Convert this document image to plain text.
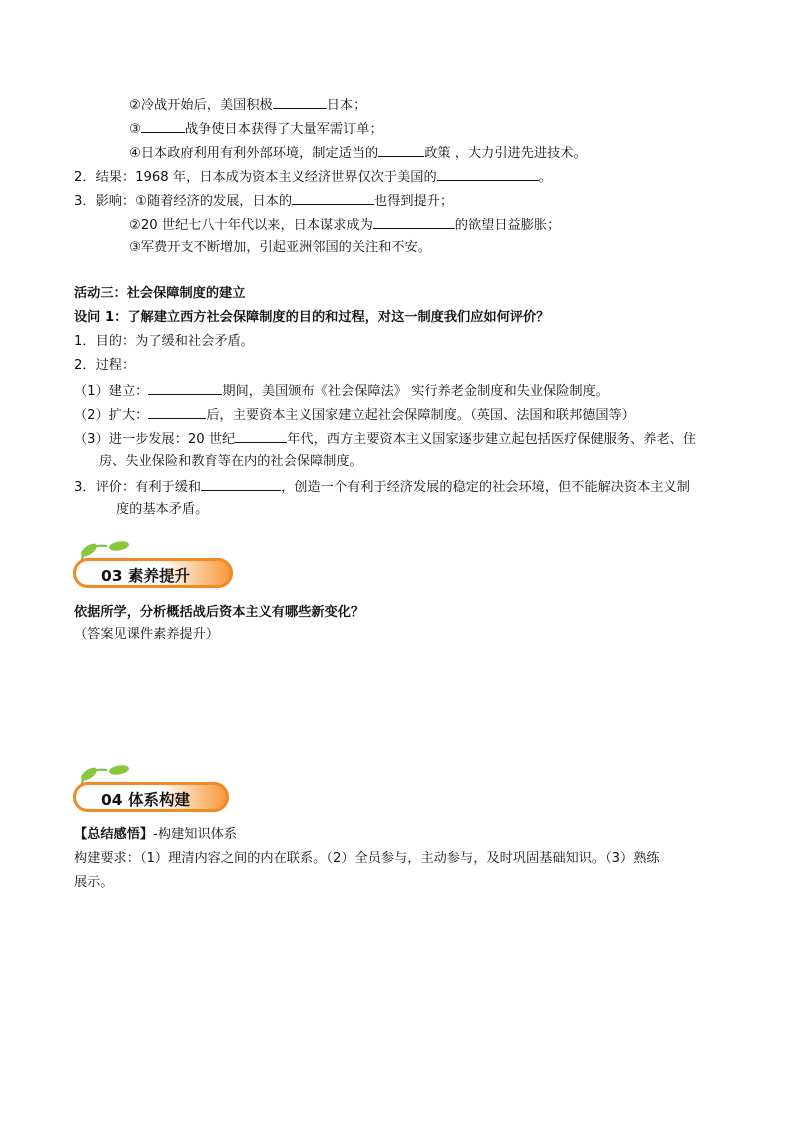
②冷战开始后，美国积极	日本；
③	战争使日本获得了大量军需订单；
④日本政府利用有利外部环境，制定适当的	政策 ，大力引进先进技术。
2．结果：1968 年，日本成为资本主义经济世界仅次于美国的	。
3．影响：①随着经济的发展，日本的	也得到提升；
②20 世纪七八十年代以来，日本谋求成为	的欲望日益膨胀；
③军费开支不断增加，引起亚洲邻国的关注和不安。
活动三：社会保障制度的建立
设问 1：了解建立西方社会保障制度的目的和过程，对这一制度我们应如何评价？
1．目的：为了缓和社会矛盾。
2．过程：
（1）建立：	期间，美国颁布《社会保障法》 实行养老金制度和失业保险制度。
（2）扩大：	后，主要资本主义国家建立起社会保障制度。（英国、法国和联邦德国等）
（3）进一步发展：20 世纪	年代，西方主要资本主义国家逐步建立起包括医疗保健服务、养老、住
房、失业保险和教育等在内的社会保障制度。
3．评价：有利于缓和	，创造一个有利于经济发展的稳定的社会环境，但不能解决资本主义制
度的基本矛盾。
03 素养提升
依据所学，分析概括战后资本主义有哪些新变化？
（答案见课件素养提升）
04 体系构建
【总结感悟】-构建知识体系
构建要求：（1）理清内容之间的内在联系。（2）全员参与，主动参与，及时巩固基础知识。（3）熟练
展示。
